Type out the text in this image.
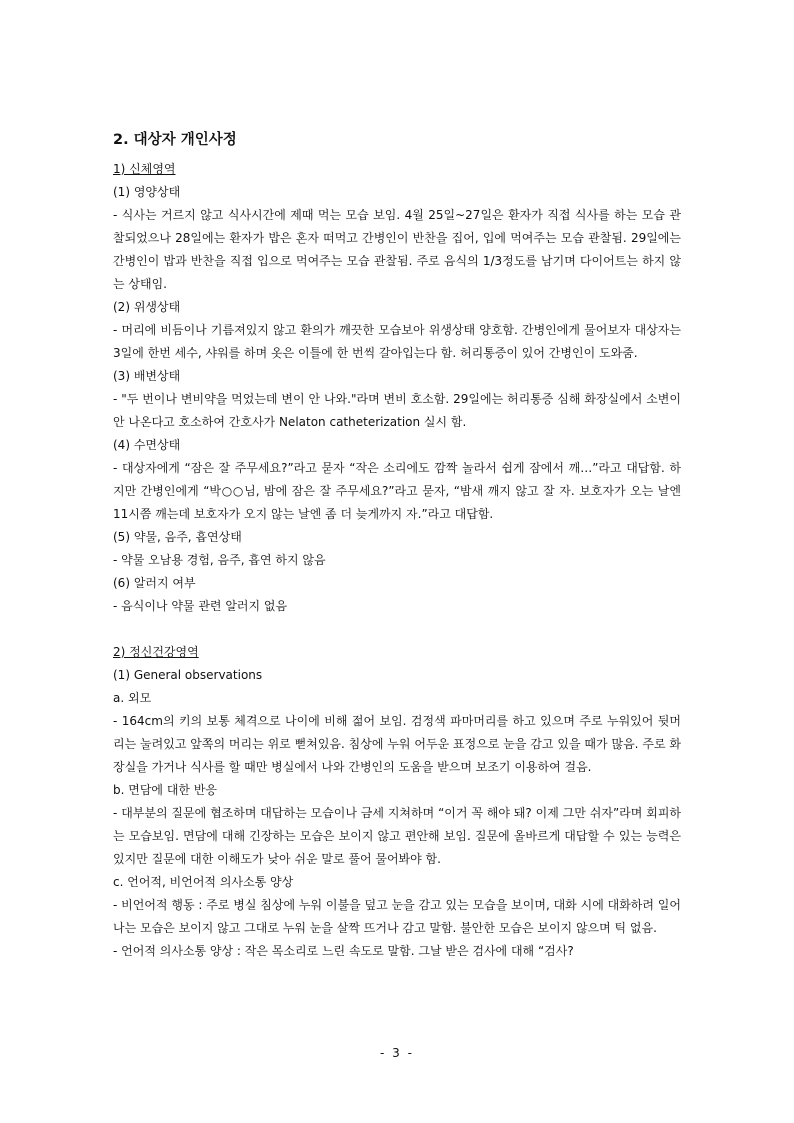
2. 대상자 개인사정

1) 신체영역

(1) 영양상태

- 식사는 거르지 않고 식사시간에 제때 먹는 모습 보임. 4월 25일~27일은 환자가 직접 식사를 하는 모습 관찰되었으나 28일에는 환자가 밥은 혼자 떠먹고 간병인이 반찬을 집어, 입에 먹여주는 모습 관찰됨. 29일에는 간병인이 밥과 반찬을 직접 입으로 먹여주는 모습 관찰됨. 주로 음식의 1/3정도를 남기며 다이어트는 하지 않는 상태임.

(2) 위생상태

- 머리에 비듬이나 기름져있지 않고 환의가 깨끗한 모습보아 위생상태 양호함. 간병인에게 물어보자 대상자는 3일에 한번 세수, 샤워를 하며 옷은 이틀에 한 번씩 갈아입는다 함. 허리통증이 있어 간병인이 도와줌.

(3) 배변상태

- "두 번이나 변비약을 먹었는데 변이 안 나와."라며 변비 호소함. 29일에는 허리통증 심해 화장실에서 소변이 안 나온다고 호소하여 간호사가 Nelaton catheterization 실시 함.

(4) 수면상태

- 대상자에게 “잠은 잘 주무세요?”라고 묻자 “작은 소리에도 깜짝 놀라서 쉽게 잠에서 깨…”라고 대답함. 하지만 간병인에게 “박○○님, 밤에 잠은 잘 주무세요?”라고 묻자, “밤새 깨지 않고 잘 자. 보호자가 오는 날엔 11시쯤 깨는데 보호자가 오지 않는 날엔 좀 더 늦게까지 자.”라고 대답함.

(5) 약물, 음주, 흡연상태

- 약물 오남용 경험, 음주, 흡연 하지 않음

(6) 알러지 여부

- 음식이나 약물 관련 알러지 없음

2) 정신건강영역

(1) General observations

a. 외모

- 164cm의 키의 보통 체격으로 나이에 비해 젊어 보임. 검정색 파마머리를 하고 있으며 주로 누워있어 뒷머리는 눌려있고 앞쪽의 머리는 위로 뻗쳐있음. 침상에 누워 어두운 표정으로 눈을 감고 있을 때가 많음. 주로 화장실을 가거나 식사를 할 때만 병실에서 나와 간병인의 도움을 받으며 보조기 이용하여 걸음.

b. 면담에 대한 반응

- 대부분의 질문에 협조하며 대답하는 모습이나 금세 지쳐하며 “이거 꼭 해야 돼? 이제 그만 쉬자”라며 회피하는 모습보임. 면담에 대해 긴장하는 모습은 보이지 않고 편안해 보임. 질문에 올바르게 대답할 수 있는 능력은 있지만 질문에 대한 이해도가 낮아 쉬운 말로 풀어 물어봐야 함.

c. 언어적, 비언어적 의사소통 양상

- 비언어적 행동 : 주로 병실 침상에 누워 이불을 덮고 눈을 감고 있는 모습을 보이며, 대화 시에 대화하려 일어나는 모습은 보이지 않고 그대로 누워 눈을 살짝 뜨거나 감고 말함. 불안한 모습은 보이지 않으며 틱 없음.

- 언어적 의사소통 양상 : 작은 목소리로 느린 속도로 말함. 그날 받은 검사에 대해 “검사?

- 3 -
